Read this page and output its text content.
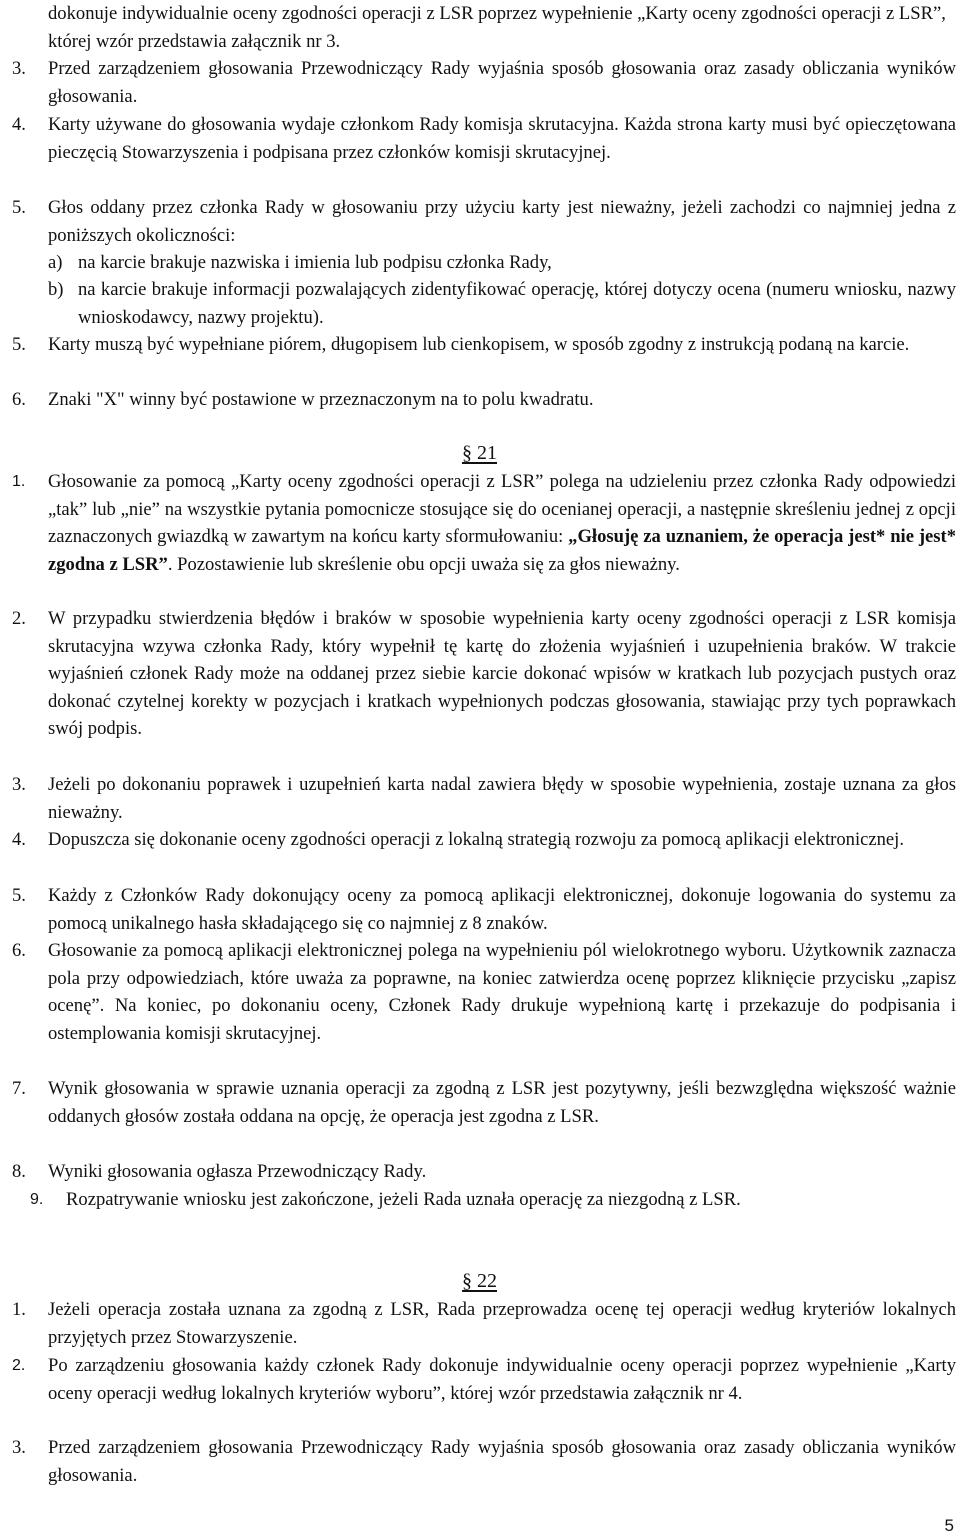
dokonuje indywidualnie oceny zgodności operacji z LSR poprzez wypełnienie „Karty oceny zgodności operacji z LSR”, której wzór przedstawia załącznik nr 3.

3.	Przed zarządzeniem głosowania Przewodniczący Rady wyjaśnia sposób głosowania oraz zasady obliczania wyników głosowania.

4.	Karty używane do głosowania wydaje członkom Rady komisja skrutacyjna. Każda strona karty musi być opieczętowana pieczęcią Stowarzyszenia i podpisana przez członków komisji skrutacyjnej.

5.	Głos oddany przez członka Rady w głosowaniu przy użyciu karty jest nieważny, jeżeli zachodzi co najmniej jedna z poniższych okoliczności:

a) na karcie brakuje nazwiska i imienia lub podpisu członka Rady,
b) na karcie brakuje informacji pozwalających zidentyfikować operację, której dotyczy ocena (numeru wniosku, nazwy wnioskodawcy, nazwy projektu).

5.	Karty muszą być wypełniane piórem, długopisem lub cienkopisem, w sposób zgodny z instrukcją podaną na karcie.

6.	Znaki "X" winny być postawione w przeznaczonym na to polu kwadratu.

§ 21

1.	Głosowanie za pomocą „Karty oceny zgodności operacji z LSR” polega na udzieleniu przez członka Rady odpowiedzi „tak” lub „nie” na wszystkie pytania pomocnicze stosujące się do ocenianej operacji, a następnie skreśleniu jednej z opcji zaznaczonych gwiazdką w zawartym na końcu karty sformułowaniu: „Głosuję za uznaniem, że operacja jest* nie jest* zgodna z LSR”. Pozostawienie lub skreślenie obu opcji uważa się za głos nieważny.

2.	W przypadku stwierdzenia błędów i braków w sposobie wypełnienia karty oceny zgodności operacji z LSR komisja skrutacyjna wzywa członka Rady, który wypełnił tę kartę do złożenia wyjaśnień i uzupełnienia braków. W trakcie wyjaśnień członek Rady może na oddanej przez siebie karcie dokonać wpisów w kratkach lub pozycjach pustych oraz dokonać czytelnej korekty w pozycjach i kratkach wypełnionych podczas głosowania, stawiając przy tych poprawkach swój podpis.

3.	Jeżeli po dokonaniu poprawek i uzupełnień karta nadal zawiera błędy w sposobie wypełnienia, zostaje uznana za głos nieważny.

4.	Dopuszcza się dokonanie oceny zgodności operacji z lokalną strategią rozwoju za pomocą aplikacji elektronicznej.

5.	Każdy z Członków Rady dokonujący oceny za pomocą aplikacji elektronicznej, dokonuje logowania do systemu za pomocą unikalnego hasła składającego się co najmniej z 8 znaków.

6.	Głosowanie za pomocą aplikacji elektronicznej polega na wypełnieniu pól wielokrotnego wyboru. Użytkownik zaznacza pola przy odpowiedziach, które uważa za poprawne, na koniec zatwierdza ocenę poprzez kliknięcie przycisku „zapisz ocenę”. Na koniec, po dokonaniu oceny, Członek Rady drukuje wypełnioną kartę i przekazuje do podpisania i ostemplowania komisji skrutacyjnej.

7.	Wynik głosowania w sprawie uznania operacji za zgodną z LSR jest pozytywny, jeśli bezwzględna większość ważnie oddanych głosów została oddana na opcję, że operacja jest zgodna z LSR.

8.	Wyniki głosowania ogłasza Przewodniczący Rady.

9.	Rozpatrywanie wniosku jest zakończone, jeżeli Rada uznała operację za niezgodną z LSR.

§ 22

1.	Jeżeli operacja została uznana za zgodną z LSR, Rada przeprowadza ocenę tej operacji według kryteriów lokalnych przyjętych przez Stowarzyszenie.

2.	Po zarządzeniu głosowania każdy członek Rady dokonuje indywidualnie oceny operacji poprzez wypełnienie „Karty oceny operacji według lokalnych kryteriów wyboru”, której wzór przedstawia załącznik nr 4.

3.	Przed zarządzeniem głosowania Przewodniczący Rady wyjaśnia sposób głosowania oraz zasady obliczania wyników głosowania.

5
